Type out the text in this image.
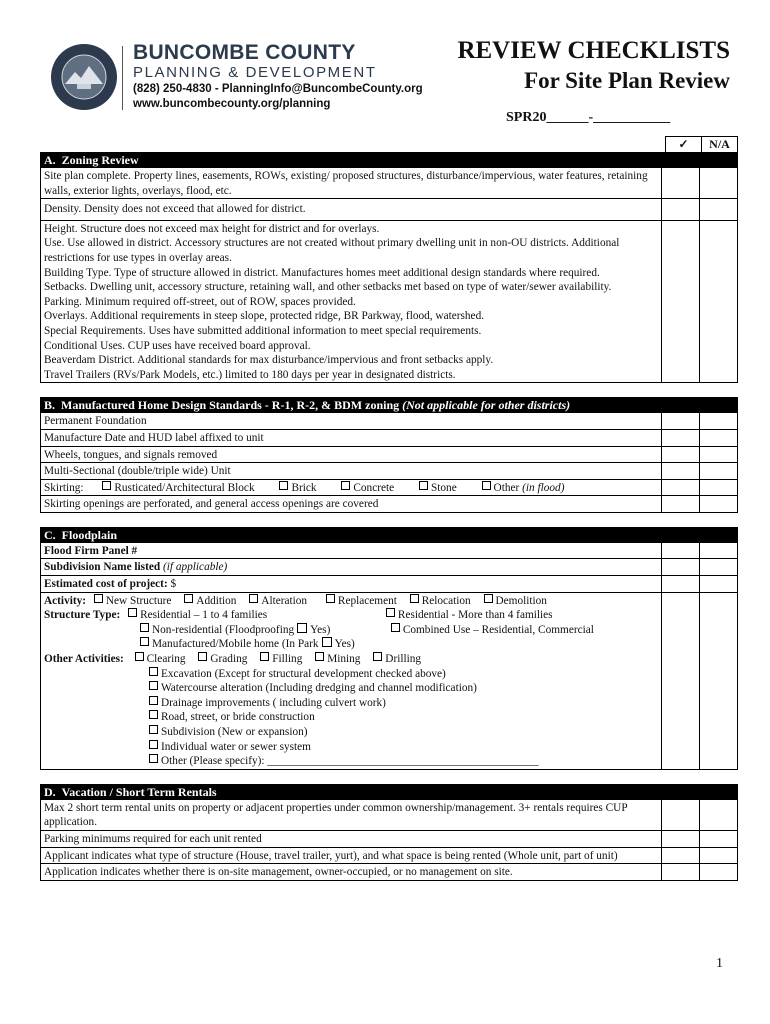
BUNCOMBE COUNTY
PLANNING & DEVELOPMENT
(828) 250-4830 - PlanningInfo@BuncombeCounty.org
www.buncombecounty.org/planning
REVIEW CHECKLISTS
For Site Plan Review
SPR20______-___________
✓	N/A
A. Zoning Review
Site plan complete. Property lines, easements, ROWs, existing/ proposed structures, disturbance/impervious, water features, retaining walls, exterior lights, overlays, flood, etc.
Density. Density does not exceed that allowed for district.
Height. Structure does not exceed max height for district and for overlays.
Use. Use allowed in district. Accessory structures are not created without primary dwelling unit in non-OU districts. Additional restrictions for use types in overlay areas.
Building Type. Type of structure allowed in district. Manufactures homes meet additional design standards where required.
Setbacks. Dwelling unit, accessory structure, retaining wall, and other setbacks met based on type of water/sewer availability.
Parking. Minimum required off-street, out of ROW, spaces provided.
Overlays. Additional requirements in steep slope, protected ridge, BR Parkway, flood, watershed.
Special Requirements. Uses have submitted additional information to meet special requirements.
Conditional Uses. CUP uses have received board approval.
Beaverdam District. Additional standards for max disturbance/impervious and front setbacks apply.
Travel Trailers (RVs/Park Models, etc.) limited to 180 days per year in designated districts.
B. Manufactured Home Design Standards - R-1, R-2, & BDM zoning (Not applicable for other districts)
Permanent Foundation
Manufacture Date and HUD label affixed to unit
Wheels, tongues, and signals removed
Multi-Sectional (double/triple wide) Unit
Skirting:	Rusticated/Architectural Block	Brick	Concrete	Stone	Other (in flood)
Skirting openings are perforated, and general access openings are covered
C. Floodplain
Flood Firm Panel #
Subdivision Name listed (if applicable)
Estimated cost of project: $
Activity: New Structure Addition Alteration	Replacement Relocation Demolition
Structure Type: Residential – 1 to 4 families	Residential - More than 4 families
Non-residential (Floodproofing Yes)	Combined Use – Residential, Commercial
Manufactured/Mobile home (In Park Yes)
Other Activities: Clearing Grading Filling Mining Drilling
Excavation (Except for structural development checked above)
Watercourse alteration (Including dredging and channel modification)
Drainage improvements ( including culvert work)
Road, street, or bride construction
Subdivision (New or expansion)
Individual water or sewer system
Other (Please specify): ________________________________________________
D. Vacation / Short Term Rentals
Max 2 short term rental units on property or adjacent properties under common ownership/management. 3+ rentals requires CUP application.
Parking minimums required for each unit rented
Applicant indicates what type of structure (House, travel trailer, yurt), and what space is being rented (Whole unit, part of unit)
Application indicates whether there is on-site management, owner-occupied, or no management on site.
1
